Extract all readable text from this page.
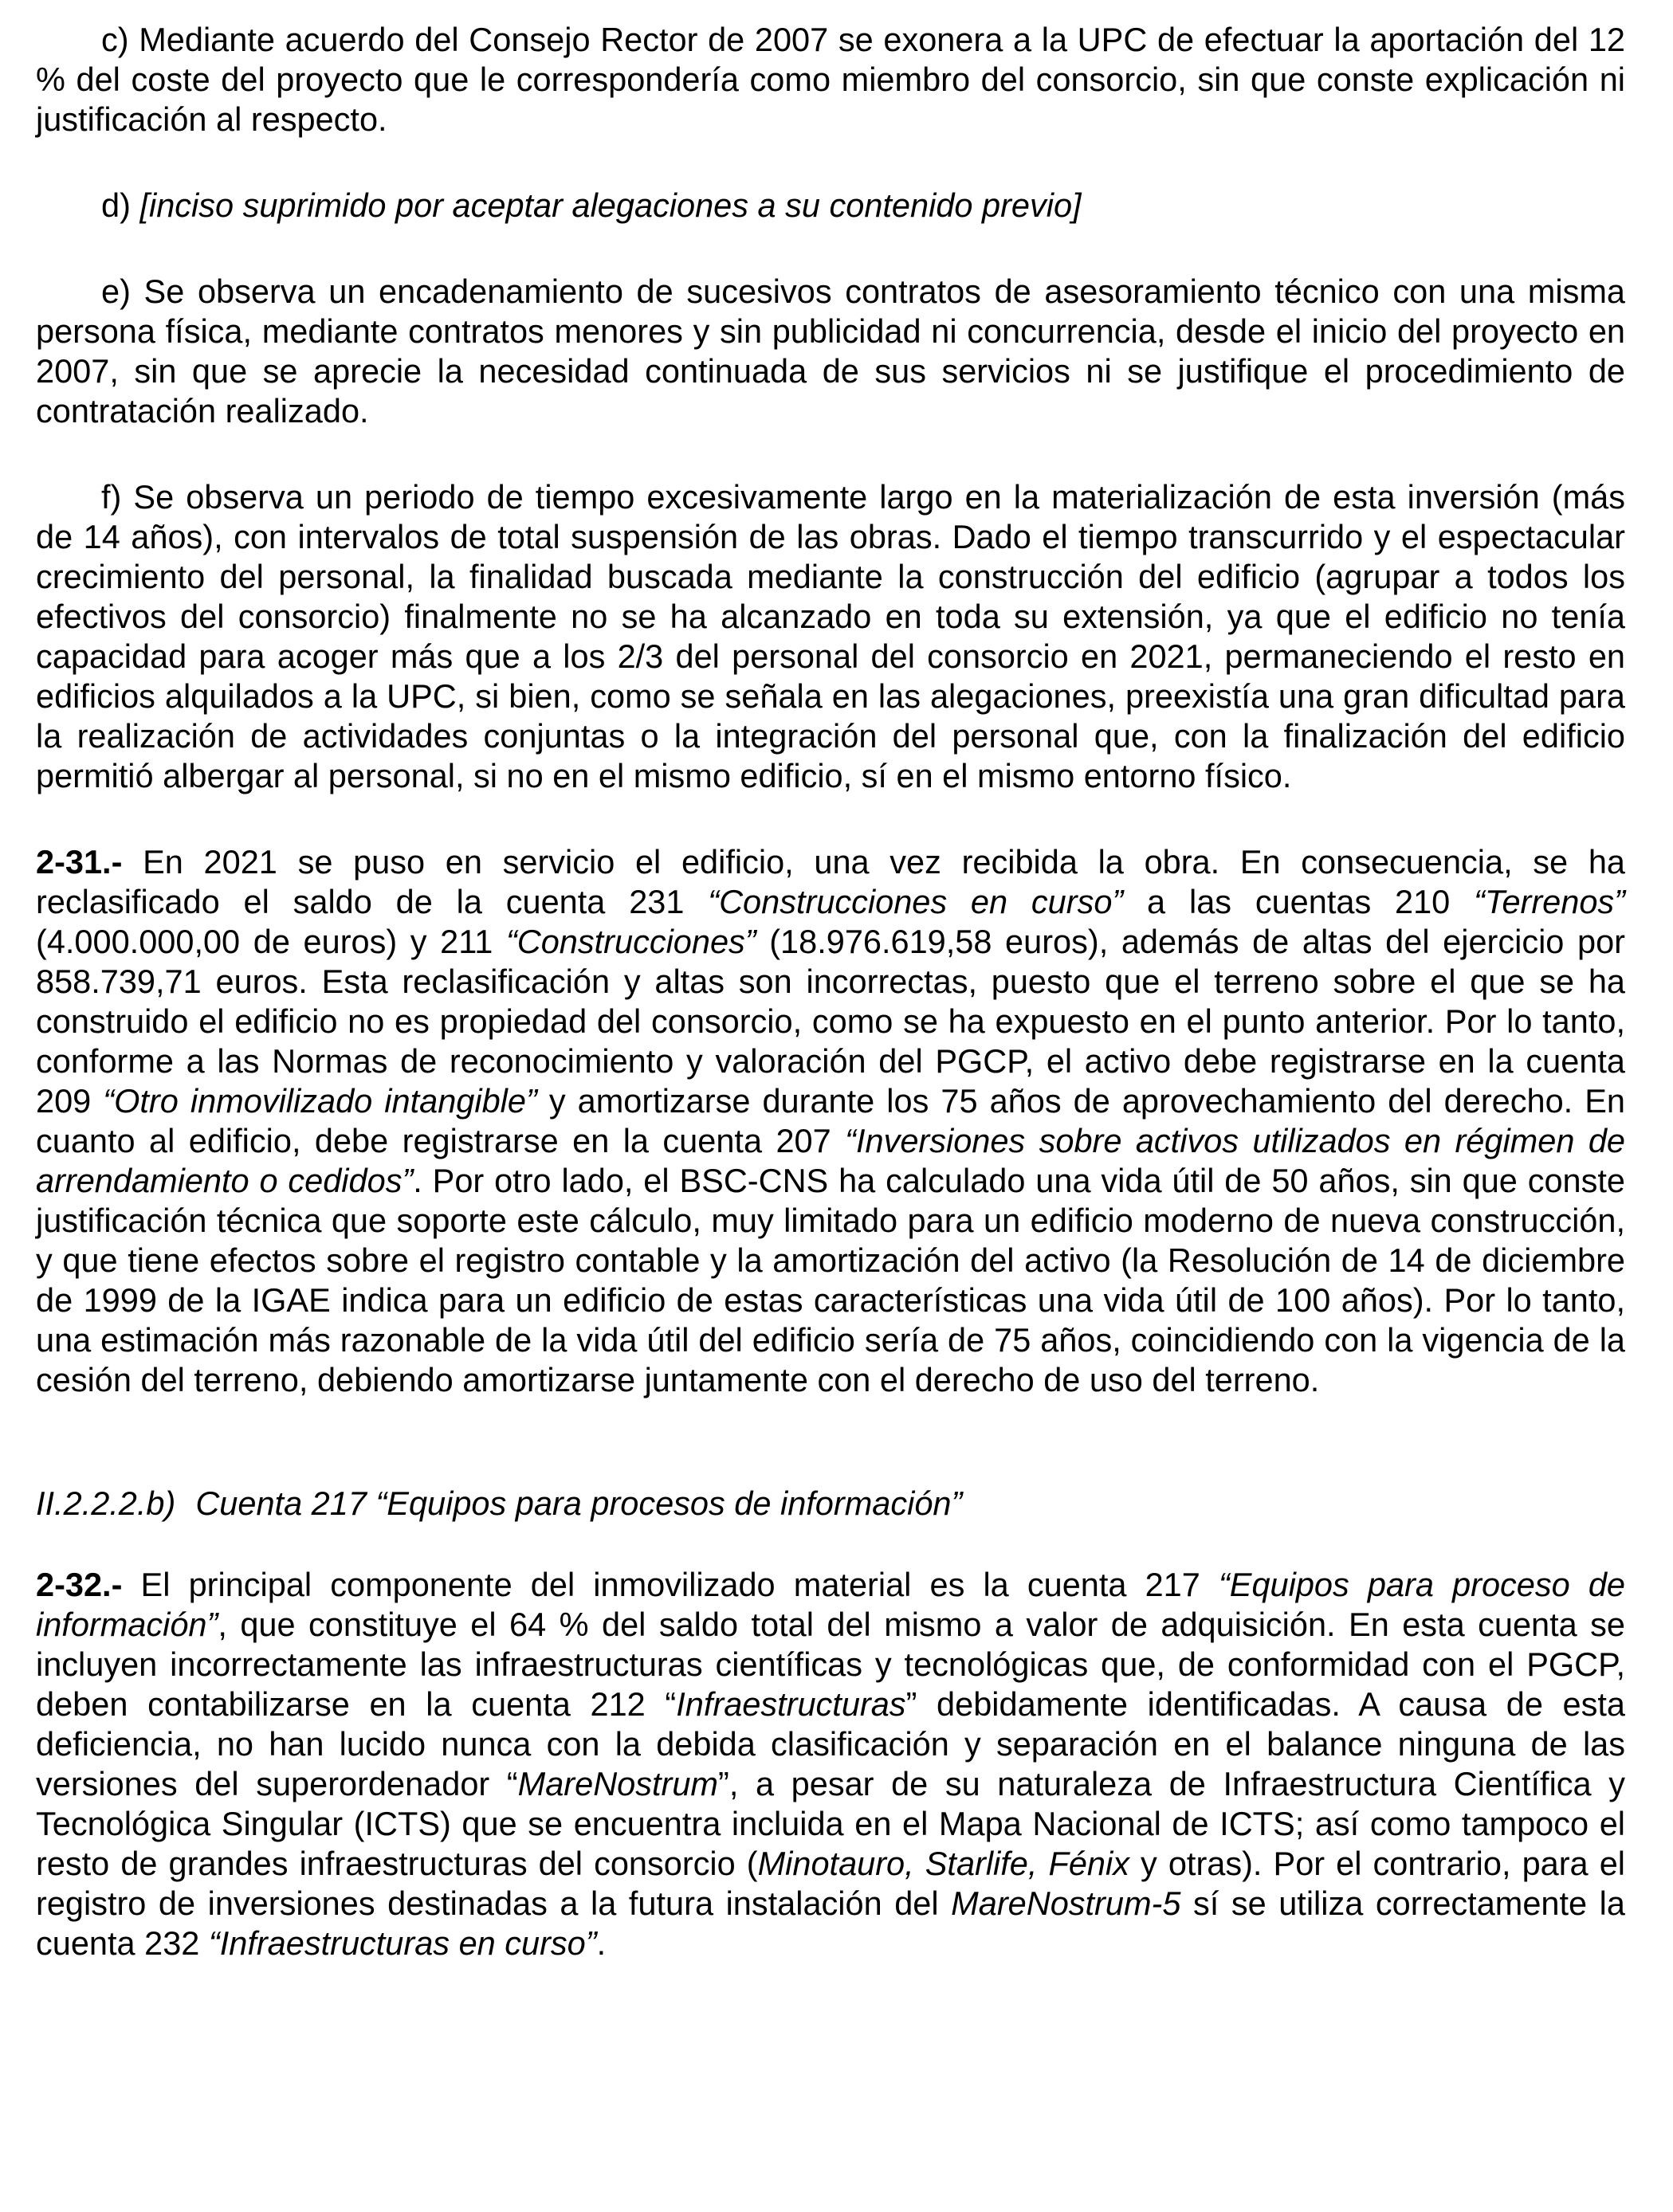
c) Mediante acuerdo del Consejo Rector de 2007 se exonera a la UPC de efectuar la aportación del 12 % del coste del proyecto que le correspondería como miembro del consorcio, sin que conste explicación ni justificación al respecto.

d) [inciso suprimido por aceptar alegaciones a su contenido previo]

e) Se observa un encadenamiento de sucesivos contratos de asesoramiento técnico con una misma persona física, mediante contratos menores y sin publicidad ni concurrencia, desde el inicio del proyecto en 2007, sin que se aprecie la necesidad continuada de sus servicios ni se justifique el procedimiento de contratación realizado.

f) Se observa un periodo de tiempo excesivamente largo en la materialización de esta inversión (más de 14 años), con intervalos de total suspensión de las obras. Dado el tiempo transcurrido y el espectacular crecimiento del personal, la finalidad buscada mediante la construcción del edificio (agrupar a todos los efectivos del consorcio) finalmente no se ha alcanzado en toda su extensión, ya que el edificio no tenía capacidad para acoger más que a los 2/3 del personal del consorcio en 2021, permaneciendo el resto en edificios alquilados a la UPC, si bien, como se señala en las alegaciones, preexistía una gran dificultad para la realización de actividades conjuntas o la integración del personal que, con la finalización del edificio permitió albergar al personal, si no en el mismo edificio, sí en el mismo entorno físico.

2-31.- En 2021 se puso en servicio el edificio, una vez recibida la obra. En consecuencia, se ha reclasificado el saldo de la cuenta 231 “Construcciones en curso” a las cuentas 210 “Terrenos” (4.000.000,00 de euros) y 211 “Construcciones” (18.976.619,58 euros), además de altas del ejercicio por 858.739,71 euros. Esta reclasificación y altas son incorrectas, puesto que el terreno sobre el que se ha construido el edificio no es propiedad del consorcio, como se ha expuesto en el punto anterior. Por lo tanto, conforme a las Normas de reconocimiento y valoración del PGCP, el activo debe registrarse en la cuenta 209 “Otro inmovilizado intangible” y amortizarse durante los 75 años de aprovechamiento del derecho. En cuanto al edificio, debe registrarse en la cuenta 207 “Inversiones sobre activos utilizados en régimen de arrendamiento o cedidos”. Por otro lado, el BSC-CNS ha calculado una vida útil de 50 años, sin que conste justificación técnica que soporte este cálculo, muy limitado para un edificio moderno de nueva construcción, y que tiene efectos sobre el registro contable y la amortización del activo (la Resolución de 14 de diciembre de 1999 de la IGAE indica para un edificio de estas características una vida útil de 100 años). Por lo tanto, una estimación más razonable de la vida útil del edificio sería de 75 años, coincidiendo con la vigencia de la cesión del terreno, debiendo amortizarse juntamente con el derecho de uso del terreno.

II.2.2.2.b) Cuenta 217 “Equipos para procesos de información”

2-32.- El principal componente del inmovilizado material es la cuenta 217 “Equipos para proceso de información”, que constituye el 64 % del saldo total del mismo a valor de adquisición. En esta cuenta se incluyen incorrectamente las infraestructuras científicas y tecnológicas que, de conformidad con el PGCP, deben contabilizarse en la cuenta 212 “Infraestructuras” debidamente identificadas. A causa de esta deficiencia, no han lucido nunca con la debida clasificación y separación en el balance ninguna de las versiones del superordenador “MareNostrum”, a pesar de su naturaleza de Infraestructura Científica y Tecnológica Singular (ICTS) que se encuentra incluida en el Mapa Nacional de ICTS; así como tampoco el resto de grandes infraestructuras del consorcio (Minotauro, Starlife, Fénix y otras). Por el contrario, para el registro de inversiones destinadas a la futura instalación del MareNostrum-5 sí se utiliza correctamente la cuenta 232 “Infraestructuras en curso”.
